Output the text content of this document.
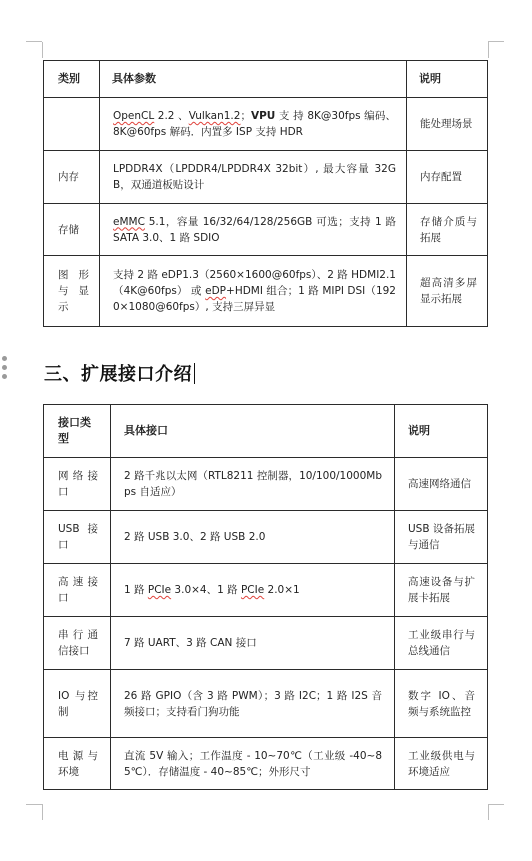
类别	具体参数	说明
	OpenCL 2.2 、Vulkan1.2；VPU 支 持 8K@30fps 编码、8K@60fps 解码．内置多 ISP 支持 HDR	能处理场景
内存	LPDDR4X（LPDDR4/LPDDR4X 32bit）, 最大容量 32GB，双通道板贴设计	内存配置
存储	eMMC 5.1，容量 16/32/64/128/256GB 可选；支持 1 路 SATA 3.0、1 路 SDIO	存储介质与拓展
图形与显示	支持 2 路 eDP1.3（2560×1600@60fps）、2 路 HDMI2.1（4K@60fps） 或 eDP+HDMI 组合；1 路 MIPI DSI（1920×1080@60fps）, 支持三屏异显	超高清多屏显示拓展
三、扩展接口介绍
接口类型	具体接口	说明
网络接口	2 路千兆以太网（RTL8211 控制器，10/100/1000Mbps 自适应）	高速网络通信
USB 接口	2 路 USB 3.0、2 路 USB 2.0	USB 设备拓展与通信
高速接口	1 路 PCIe 3.0×4、1 路 PCIe 2.0×1	高速设备与扩展卡拓展
串行通信接口	7 路 UART、3 路 CAN 接口	工业级串行与总线通信
IO 与控制	26 路 GPIO（含 3 路 PWM）；3 路 I2C；1 路 I2S 音频接口；支持看门狗功能	数字 IO、音频与系统监控
电源与环境	直流 5V 输入；工作温度 - 10~70℃（工业级 -40~85℃）．存储温度 - 40~85℃；外形尺寸	工业级供电与环境适应
